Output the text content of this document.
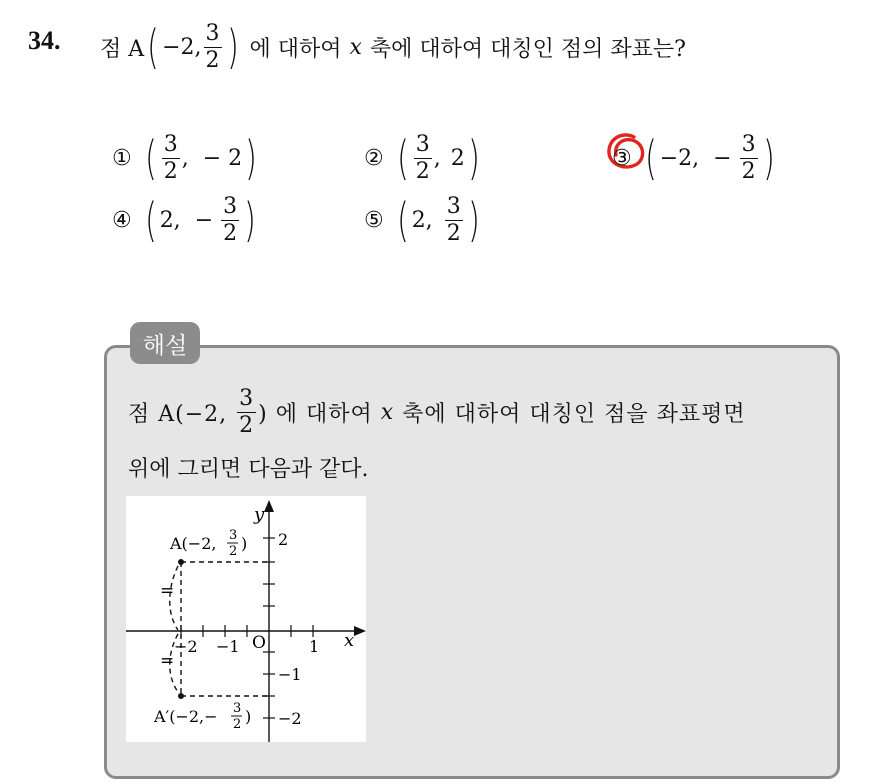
34. 점 A ( −2, $\frac{3}{2}$ ) 에 대하여 x 축에 대하여 대칭인 점의 좌표는?
① ( $\frac{3}{2}$ , − 2 )	② ( $\frac{3}{2}$ , 2 )	③ ( −2, − $\frac{3}{2}$ )
④ ( 2, − $\frac{3}{2}$ )	⑤ ( 2, $\frac{3}{2}$ )
해설
점 A(−2, $\frac{3}{2}$ ) 에 대하여 x 축에 대하여 대칭인 점을 좌표평면
위에 그리면 다음과 같다.
y
x
O
−2 −1	1
2
−1
−2
=
=
A(−2, 3
2 )
A′(−2,− 3
2 )
